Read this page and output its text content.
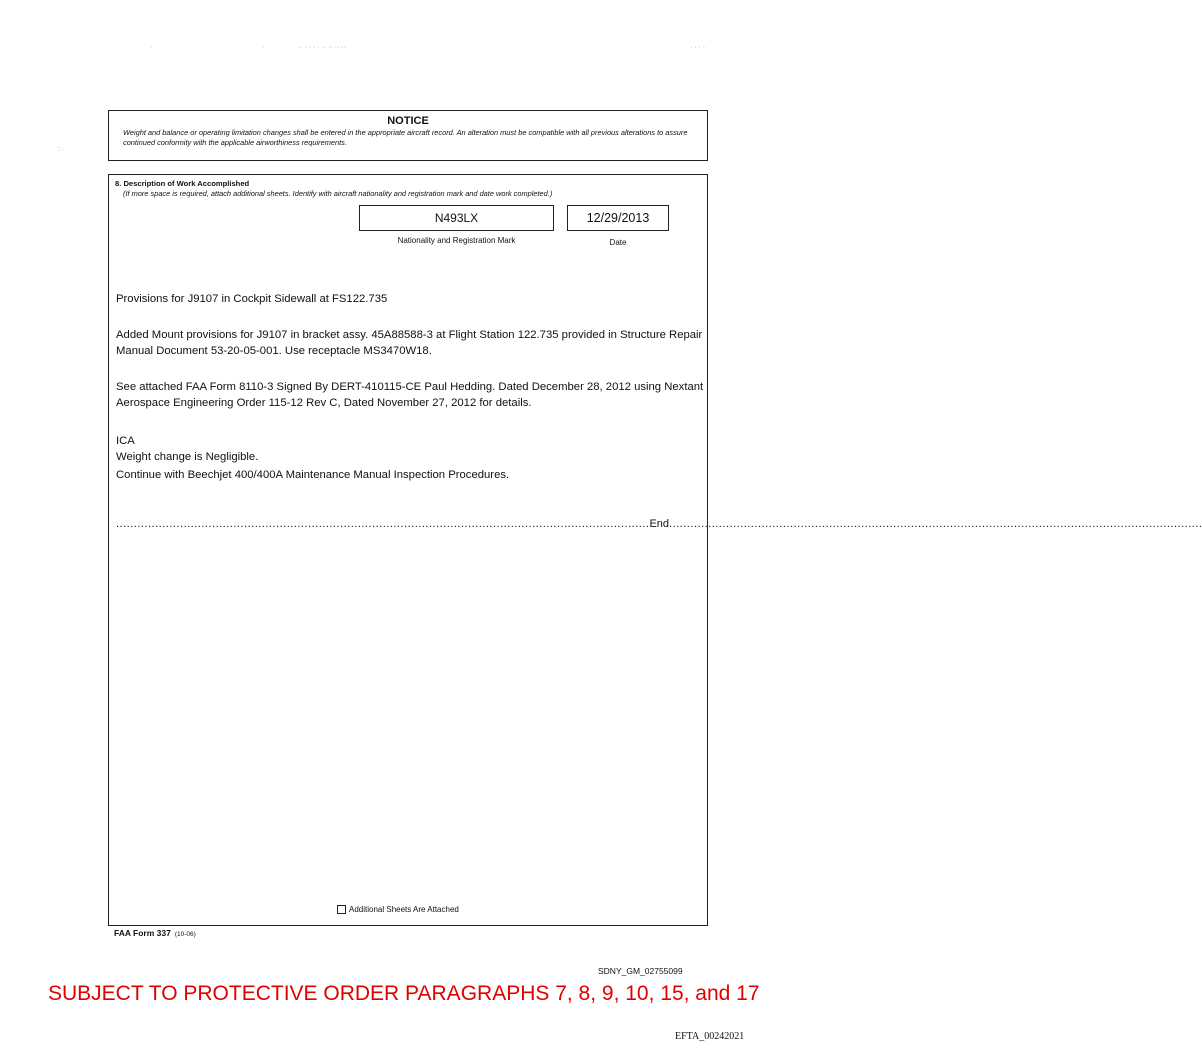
·	·	·· · · · · ·· ·· ·· ··	· · · ·
: ·
NOTICE
Weight and balance or operating limitation changes shall be entered in the appropriate aircraft record. An alteration must be compatible with all previous alterations to assure continued conformity with the applicable airworthiness requirements.
8. Description of Work Accomplished
(If more space is required, attach additional sheets. Identify with aircraft nationality and registration mark and date work completed.)
N493LX
Nationality and Registration Mark
12/29/2013
Date
Provisions for J9107 in Cockpit Sidewall at FS122.735
Added Mount provisions for J9107 in bracket assy. 45A88588-3 at Flight Station 122.735 provided in Structure Repair Manual Document 53-20-05-001. Use receptacle MS3470W18.
See attached FAA Form 8110-3 Signed By DERT-410115-CE Paul Hedding. Dated December 28, 2012 using Nextant Aerospace Engineering Order 115-12 Rev C, Dated November 27, 2012 for details.
ICA
Weight change is Negligible.
Continue with Beechjet 400/400A Maintenance Manual Inspection Procedures.
...................................................................................................................................................... End ......................................................................................................................................................
Additional Sheets Are Attached
FAA Form 337 (10-06)
SDNY_GM_02755099
SUBJECT TO PROTECTIVE ORDER PARAGRAPHS 7, 8, 9, 10, 15, and 17
EFTA_00242021
